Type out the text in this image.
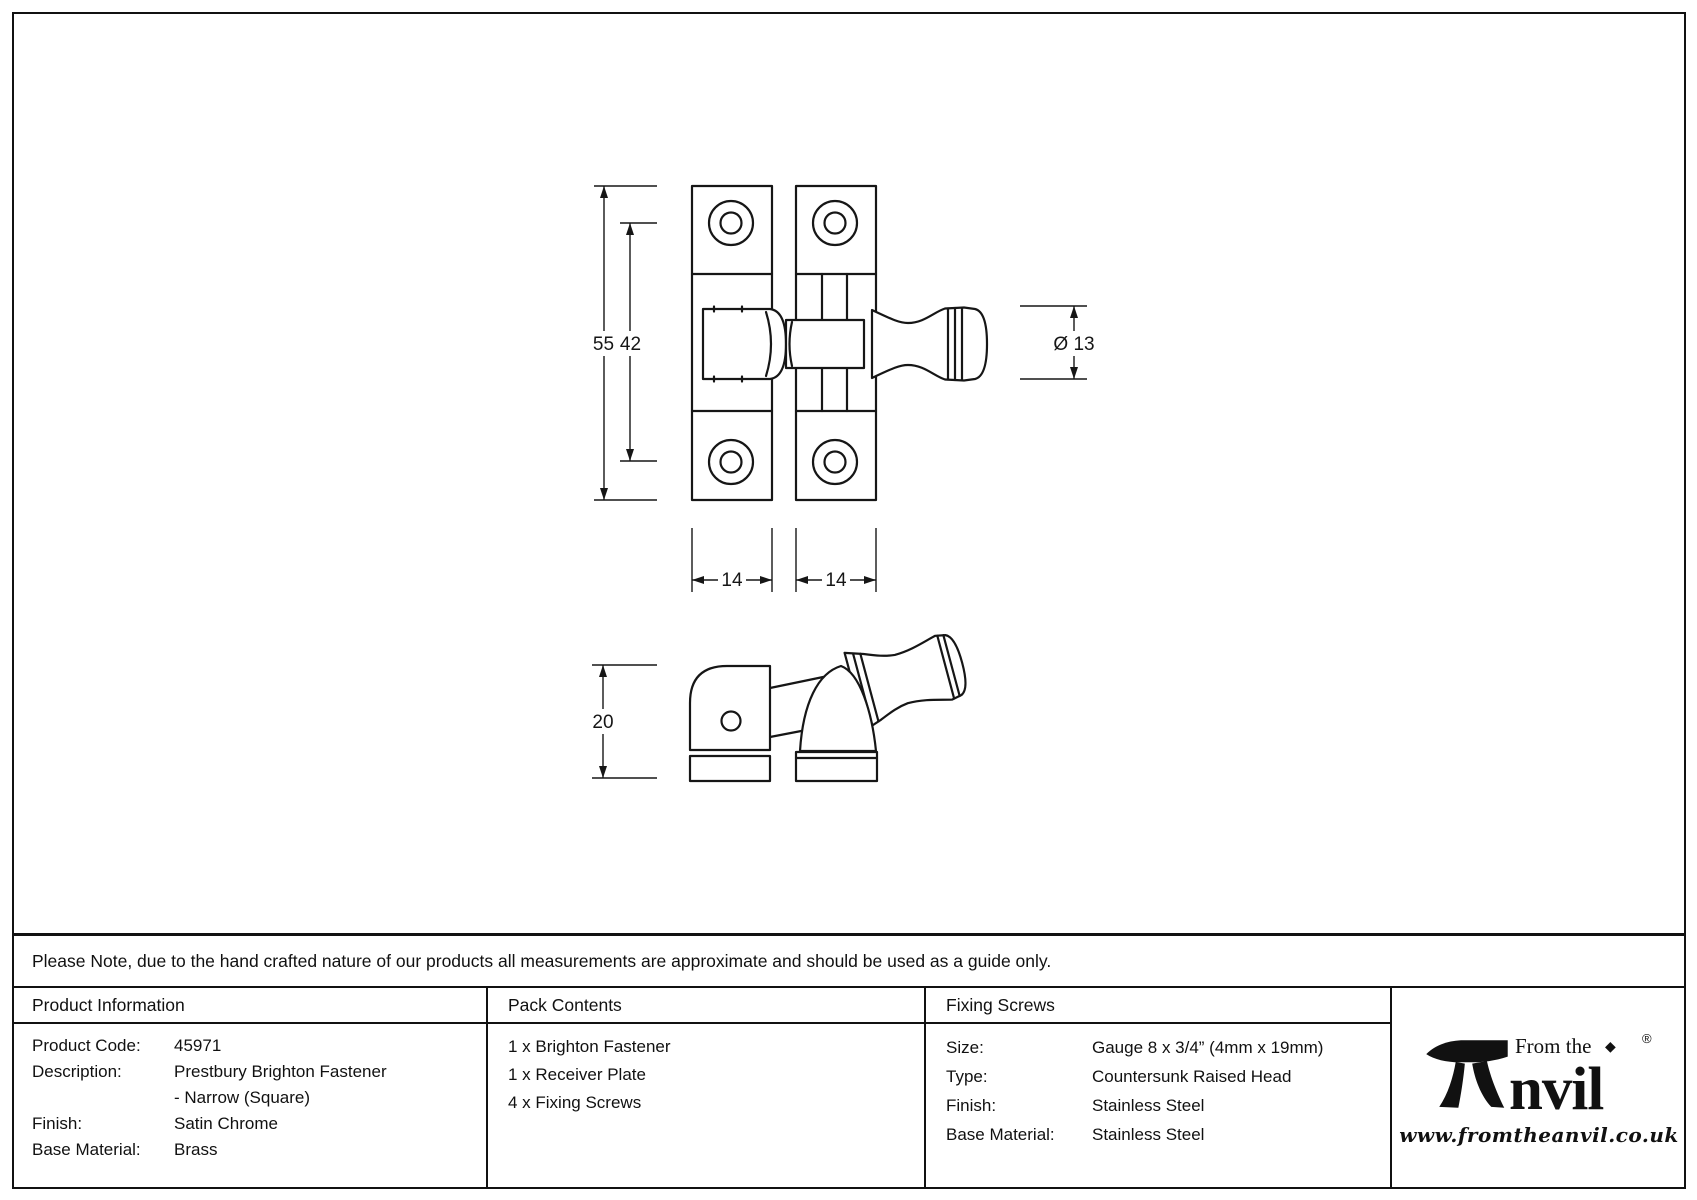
55 42
14	14
Ø 13
20
Please Note, due to the hand crafted nature of our products all measurements are approximate and should be used as a guide only.
Product Information
Product Code:	45971
Description:	Prestbury Brighton Fastener
- Narrow (Square)
Finish:	Satin Chrome
Base Material:	Brass
Pack Contents
1 x Brighton Fastener
1 x Receiver Plate
4 x Fixing Screws
Fixing Screws
Size:	Gauge 8 x 3/4” (4mm x 19mm)
Type:	Countersunk Raised Head
Finish:	Stainless Steel
Base Material:	Stainless Steel
From the ◆
nvil
®
www.fromtheanvil.co.uk
